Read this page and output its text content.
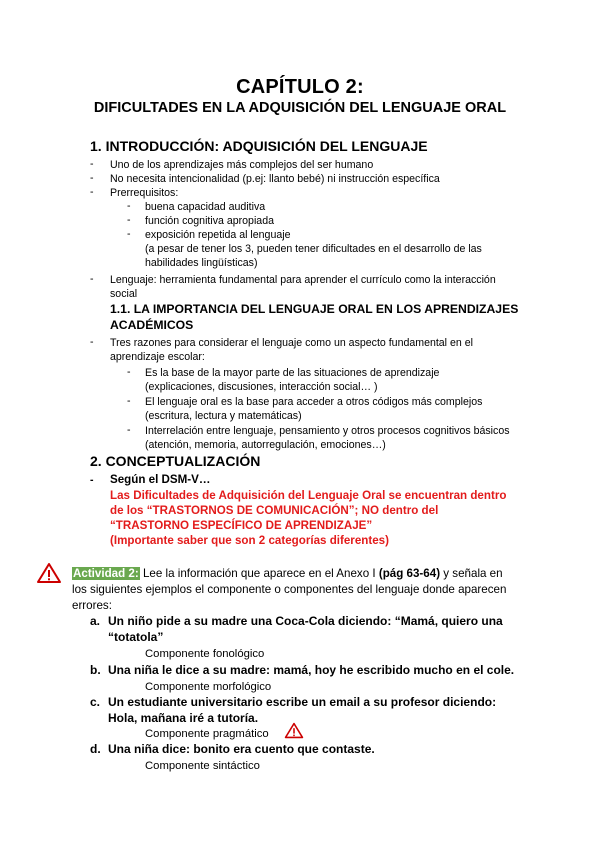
CAPÍTULO 2:
DIFICULTADES EN LA ADQUISICIÓN DEL LENGUAJE ORAL
1. INTRODUCCIÓN: ADQUISICIÓN DEL LENGUAJE
- Uno de los aprendizajes más complejos del ser humano
- No necesita intencionalidad (p.ej: llanto bebé) ni instrucción específica
- Prerrequisitos:
- buena capacidad auditiva
- función cognitiva apropiada
- exposición repetida al lenguaje
(a pesar de tener los 3, pueden tener dificultades en el desarrollo de las
habilidades lingüísticas)
- Lenguaje: herramienta fundamental para aprender el currículo como la interacción
social
1.1. LA IMPORTANCIA DEL LENGUAJE ORAL EN LOS APRENDIZAJES
ACADÉMICOS
- Tres razones para considerar el lenguaje como un aspecto fundamental en el
aprendizaje escolar:
- Es la base de la mayor parte de las situaciones de aprendizaje
(explicaciones, discusiones, interacción social… )
- El lenguaje oral es la base para acceder a otros códigos más complejos
(escritura, lectura y matemáticas)
- Interrelación entre lenguaje, pensamiento y otros procesos cognitivos básicos
(atención, memoria, autorregulación, emociones…)
2. CONCEPTUALIZACIÓN
- Según el DSM-V…
Las Dificultades de Adquisición del Lenguaje Oral se encuentran dentro
de los “TRASTORNOS DE COMUNICACIÓN”; NO dentro del
“TRASTORNO ESPECÍFICO DE APRENDIZAJE”
(Importante saber que son 2 categorías diferentes)
Actividad 2: Lee la información que aparece en el Anexo I (pág 63-64) y señala en
los siguientes ejemplos el componente o componentes del lenguaje donde aparecen
errores:
a. Un niño pide a su madre una Coca-Cola diciendo: “Mamá, quiero una
“totatola”
Componente fonológico
b. Una niña le dice a su madre: mamá, hoy he escribido mucho en el cole.
Componente morfológico
c. Un estudiante universitario escribe un email a su profesor diciendo:
Hola, mañana iré a tutoría.
Componente pragmático
d. Una niña dice: bonito era cuento que contaste.
Componente sintáctico
